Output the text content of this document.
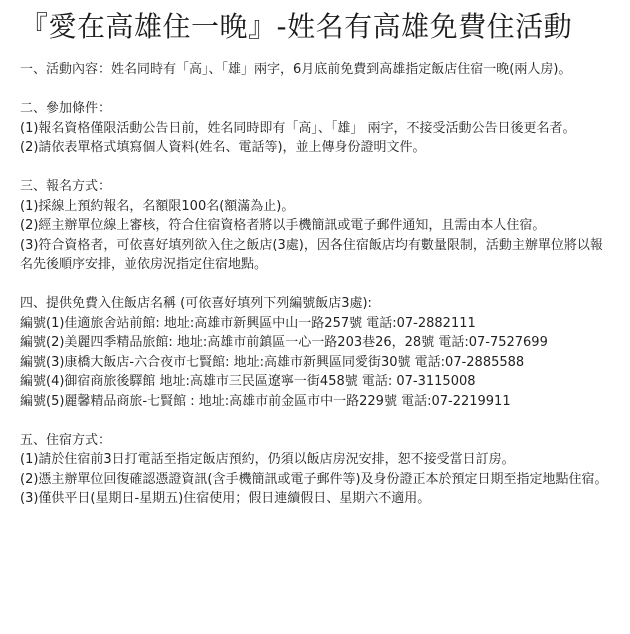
『愛在高雄住一晚』-姓名有高雄免費住活動
一、活動內容：姓名同時有「高」、「雄」兩字，6月底前免費到高雄指定飯店住宿一晚(兩人房)。
二、參加條件：
(1)報名資格僅限活動公告日前，姓名同時即有「高」、「雄」 兩字，不接受活動公告日後更名者。
(2)請依表單格式填寫個人資料(姓名、電話等)，並上傳身份證明文件。
三、報名方式：
(1)採線上預約報名，名額限100名(額滿為止)。
(2)經主辦單位線上審核，符合住宿資格者將以手機簡訊或電子郵件通知，且需由本人住宿。
(3)符合資格者，可依喜好填列欲入住之飯店(3處)，因各住宿飯店均有數量限制，活動主辦單位將以報名先後順序安排，並依房況指定住宿地點。
四、提供免費入住飯店名稱 (可依喜好填列下列編號飯店3處):
編號(1)佳適旅舍站前館: 地址:高雄市新興區中山一路257號 電話:07-2882111
編號(2)美麗四季精品旅館: 地址:高雄市前鎮區一心一路203巷26，28號 電話:07-7527699
編號(3)康橋大飯店-六合夜市七賢館: 地址:高雄市新興區同愛街30號 電話:07-2885588
編號(4)御宿商旅後驛館 地址:高雄市三民區遼寧一街458號 電話: 07-3115008
編號(5)麗馨精品商旅-七賢館 : 地址:高雄市前金區市中一路229號 電話:07-2219911
五、住宿方式：
(1)請於住宿前3日打電話至指定飯店預約，仍須以飯店房況安排，恕不接受當日訂房。
(2)憑主辦單位回復確認憑證資訊(含手機簡訊或電子郵件等)及身份證正本於預定日期至指定地點住宿。
(3)僅供平日(星期日-星期五)住宿使用；假日連續假日、星期六不適用。
